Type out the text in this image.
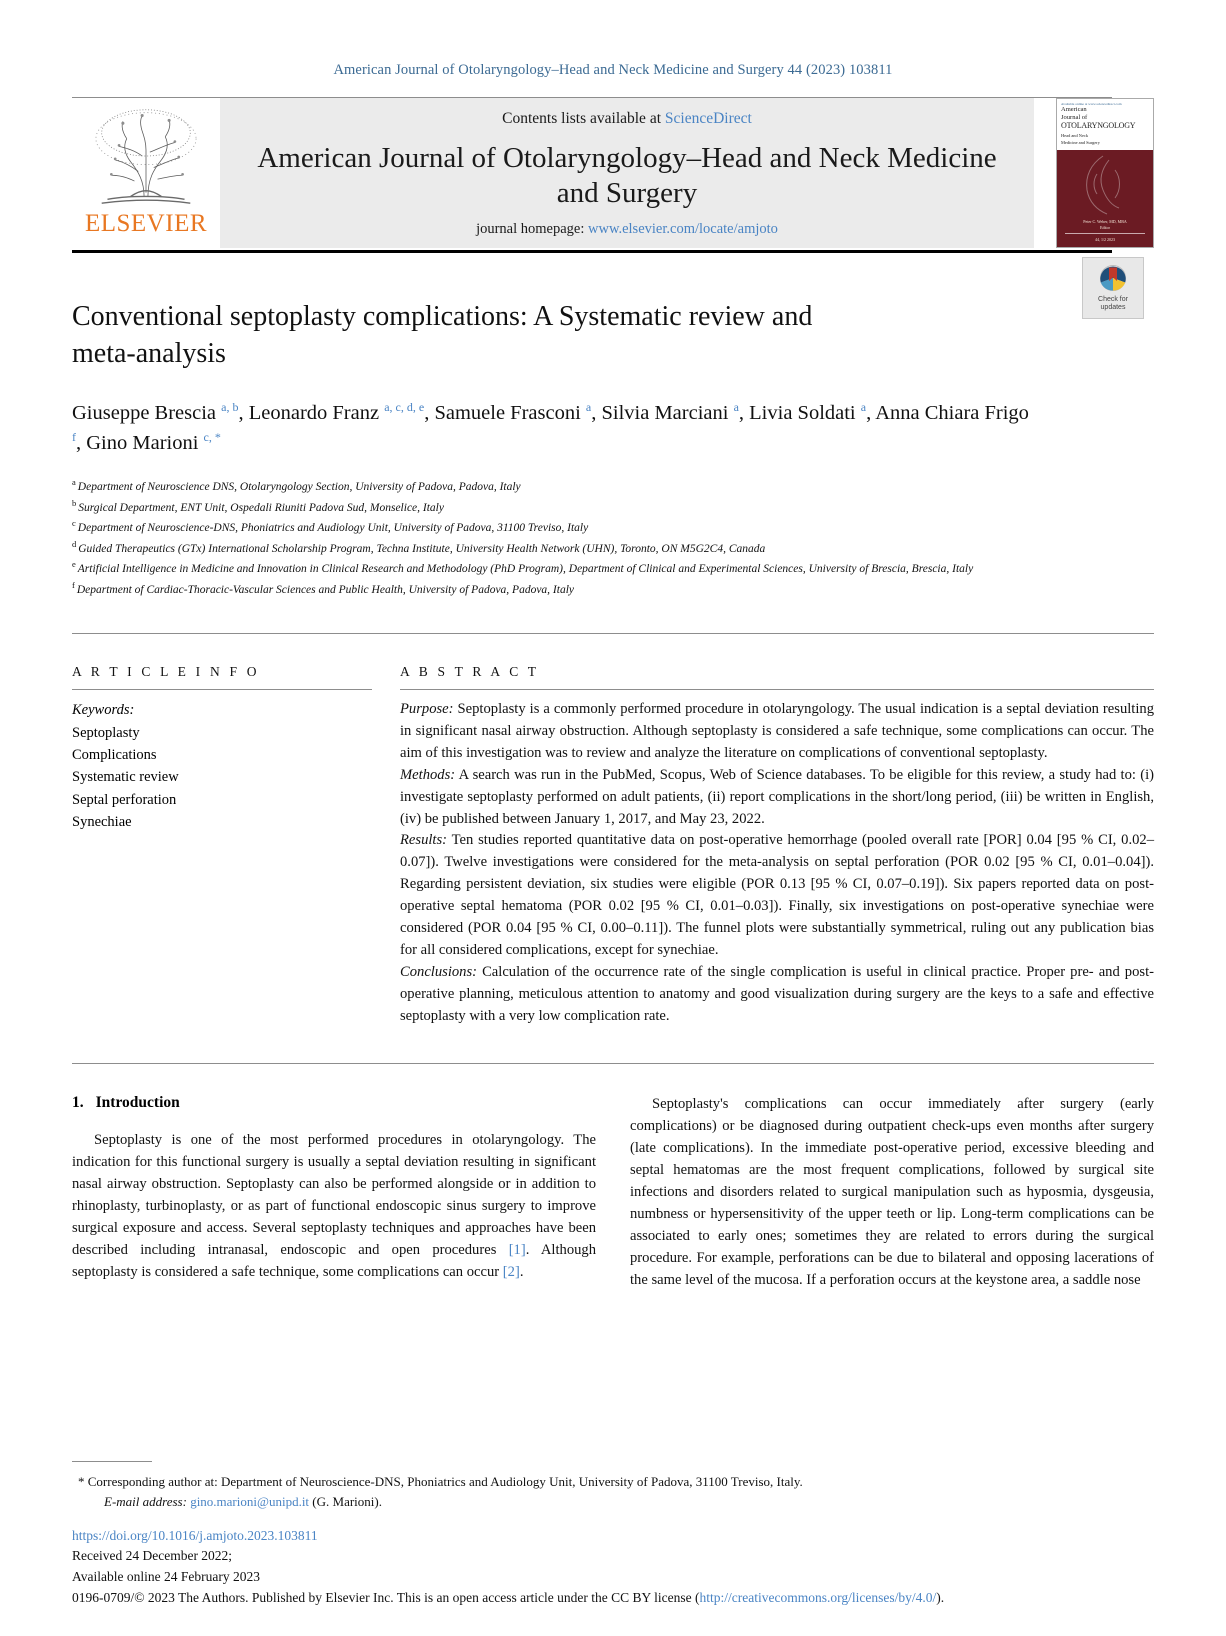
American Journal of Otolaryngology–Head and Neck Medicine and Surgery 44 (2023) 103811
ELSEVIER
Contents lists available at ScienceDirect
American Journal of Otolaryngology–Head and Neck Medicine and Surgery
journal homepage: www.elsevier.com/locate/amjoto
Available online at www.sciencedirect.com
American
Journal of
OTOLARYNGOLOGY
Head and Neck
Medicine and Surgery
Peter C. Weber, MD, MBA
Editor
44, 1/2 2023
Check for
updates
Conventional septoplasty complications: A Systematic review and meta-analysis
Giuseppe Brescia $^{a, b}$, Leonardo Franz $^{a, c, d, e}$, Samuele Frasconi $^a$, Silvia Marciani $^a$, Livia Soldati $^a$, Anna Chiara Frigo $^f$, Gino Marioni $^{c, *}$
$^a$ Department of Neuroscience DNS, Otolaryngology Section, University of Padova, Padova, Italy
$^b$ Surgical Department, ENT Unit, Ospedali Riuniti Padova Sud, Monselice, Italy
$^c$ Department of Neuroscience-DNS, Phoniatrics and Audiology Unit, University of Padova, 31100 Treviso, Italy
$^d$ Guided Therapeutics (GTx) International Scholarship Program, Techna Institute, University Health Network (UHN), Toronto, ON M5G2C4, Canada
$^e$ Artificial Intelligence in Medicine and Innovation in Clinical Research and Methodology (PhD Program), Department of Clinical and Experimental Sciences, University of Brescia, Brescia, Italy
$^f$ Department of Cardiac-Thoracic-Vascular Sciences and Public Health, University of Padova, Padova, Italy
A R T I C L E I N F O
Keywords:
Septoplasty
Complications
Systematic review
Septal perforation
Synechiae
A B S T R A C T

Purpose: Septoplasty is a commonly performed procedure in otolaryngology. The usual indication is a septal deviation resulting in significant nasal airway obstruction. Although septoplasty is considered a safe technique, some complications can occur. The aim of this investigation was to review and analyze the literature on complications of conventional septoplasty.

Methods: A search was run in the PubMed, Scopus, Web of Science databases. To be eligible for this review, a study had to: (i) investigate septoplasty performed on adult patients, (ii) report complications in the short/long period, (iii) be written in English, (iv) be published between January 1, 2017, and May 23, 2022.

Results: Ten studies reported quantitative data on post-operative hemorrhage (pooled overall rate [POR] 0.04 [95 % CI, 0.02–0.07]). Twelve investigations were considered for the meta-analysis on septal perforation (POR 0.02 [95 % CI, 0.01–0.04]). Regarding persistent deviation, six studies were eligible (POR 0.13 [95 % CI, 0.07–0.19]). Six papers reported data on post-operative septal hematoma (POR 0.02 [95 % CI, 0.01–0.03]). Finally, six investigations on post-operative synechiae were considered (POR 0.04 [95 % CI, 0.00–0.11]). The funnel plots were substantially symmetrical, ruling out any publication bias for all considered complications, except for synechiae.

Conclusions: Calculation of the occurrence rate of the single complication is useful in clinical practice. Proper pre- and post-operative planning, meticulous attention to anatomy and good visualization during surgery are the keys to a safe and effective septoplasty with a very low complication rate.

1. Introduction

Septoplasty is one of the most performed procedures in otolaryngology. The indication for this functional surgery is usually a septal deviation resulting in significant nasal airway obstruction. Septoplasty can also be performed alongside or in addition to rhinoplasty, turbinoplasty, or as part of functional endoscopic sinus surgery to improve surgical exposure and access. Several septoplasty techniques and approaches have been described including intranasal, endoscopic and open procedures [1]. Although septoplasty is considered a safe technique, some complications can occur [2].

Septoplasty's complications can occur immediately after surgery (early complications) or be diagnosed during outpatient check-ups even months after surgery (late complications). In the immediate post-operative period, excessive bleeding and septal hematomas are the most frequent complications, followed by surgical site infections and disorders related to surgical manipulation such as hyposmia, dysgeusia, numbness or hypersensitivity of the upper teeth or lip. Long-term complications can be associated to early ones; sometimes they are related to errors during the surgical procedure. For example, perforations can be due to bilateral and opposing lacerations of the same level of the mucosa. If a perforation occurs at the keystone area, a saddle nose

* Corresponding author at: Department of Neuroscience-DNS, Phoniatrics and Audiology Unit, University of Padova, 31100 Treviso, Italy.
E-mail address: gino.marioni@unipd.it (G. Marioni).
https://doi.org/10.1016/j.amjoto.2023.103811
Received 24 December 2022;
Available online 24 February 2023
0196-0709/© 2023 The Authors. Published by Elsevier Inc. This is an open access article under the CC BY license (http://creativecommons.org/licenses/by/4.0/).
